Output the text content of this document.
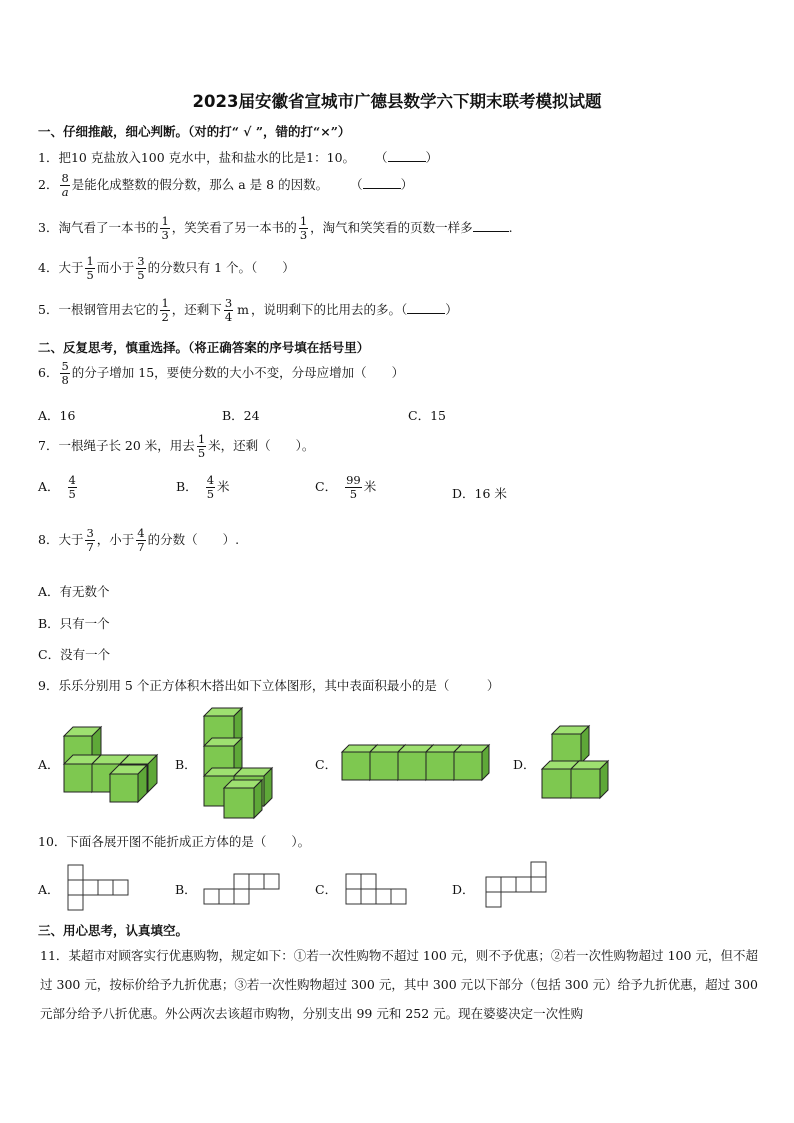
2023届安徽省宣城市广德县数学六下期末联考模拟试题
一、仔细推敲，细心判断。（对的打“ √ ”，错的打“×”）
1．把10 克盐放入100 克水中，盐和盐水的比是1：10。 （	）
2． $\frac{8}{a}$ 是能化成整数的假分数，那么 a 是 8 的因数。 （	）
3．淘气看了一本书的 $\frac{1}{3}$ ，笑笑看了另一本书的 $\frac{1}{3}$ ，淘气和笑笑看的页数一样多	.
4．大于 $\frac{1}{5}$ 而小于 $\frac{3}{5}$ 的分数只有 1 个。（　　）
5．一根钢管用去它的 $\frac{1}{2}$ ，还剩下 $\frac{3}{4}$ m ，说明剩下的比用去的多。（	）
二、反复思考，慎重选择。（将正确答案的序号填在括号里）
6． $\frac{5}{8}$ 的分子增加 15，要使分数的大小不变，分母应增加（　　）
A．16	B．24	C．15
7．一根绳子长 20 米，用去 $\frac{1}{5}$ 米，还剩（　　）。
A． $\frac{4}{5}$	B． $\frac{4}{5}$ 米	C． $\frac{99}{5}$ 米	D．16 米
8．大于 $\frac{3}{7}$ ，小于 $\frac{4}{7}$ 的分数（　　）.
A．有无数个
B．只有一个
C．没有一个
9．乐乐分别用 5 个正方体积木搭出如下立体图形，其中表面积最小的是（　　　）
A．	B．	C．	D．
10．下面各展开图不能折成正方体的是（　　）。
A．	B．	C．	D．
三、用心思考，认真填空。
11．某超市对顾客实行优惠购物，规定如下：①若一次性购物不超过 100 元，则不予优惠；②若一次性购物超过 100 元，但不超过 300 元，按标价给予九折优惠；③若一次性购物超过 300 元，其中 300 元以下部分（包括 300 元）给予九折优惠，超过 300 元部分给予八折优惠。外公两次去该超市购物，分别支出 99 元和 252 元。现在婆婆决定一次性购
